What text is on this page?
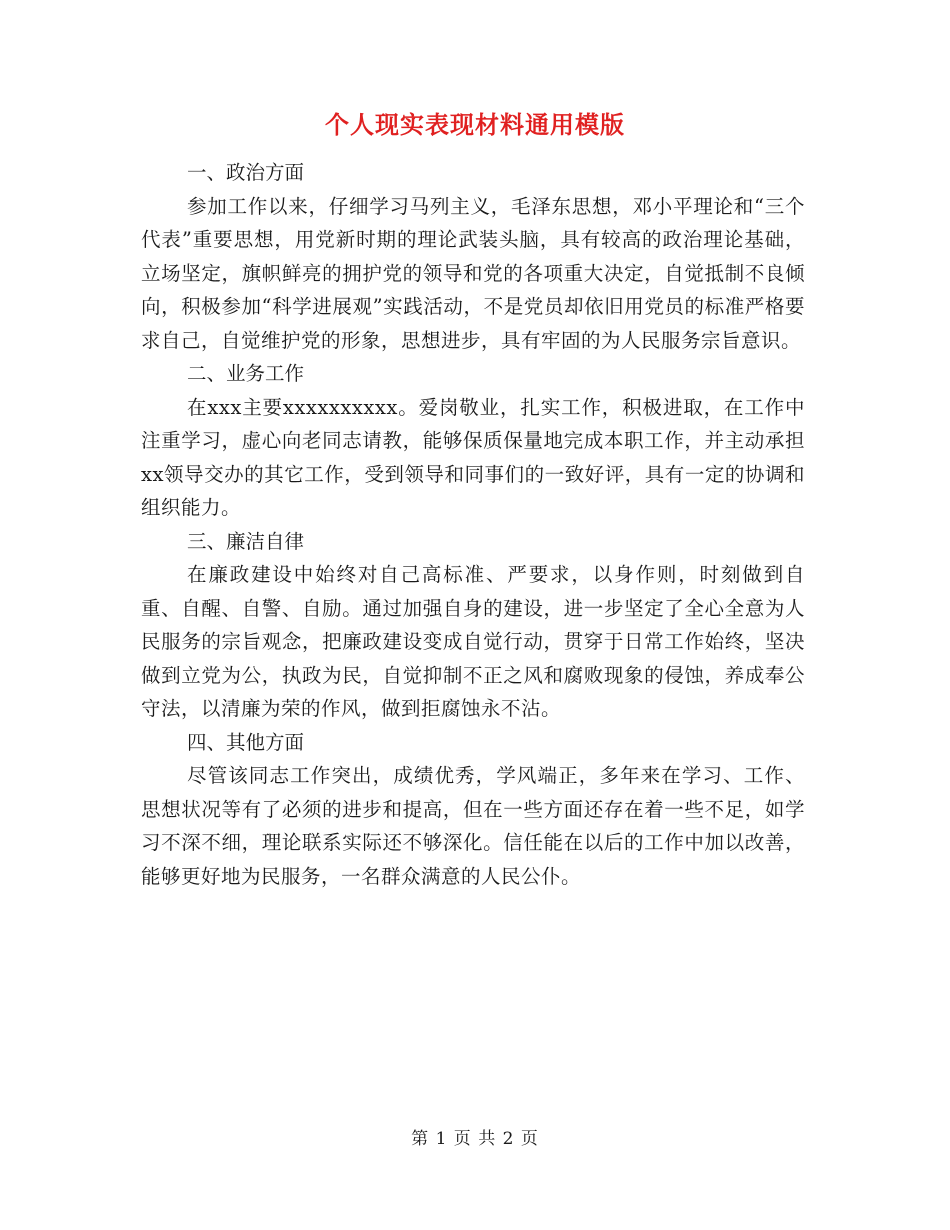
个人现实表现材料通用模版

一、政治方面

参加工作以来，仔细学习马列主义，毛泽东思想，邓小平理论和“三个代表”重要思想，用党新时期的理论武装头脑，具有较高的政治理论基础，立场坚定，旗帜鲜亮的拥护党的领导和党的各项重大决定，自觉抵制不良倾向，积极参加“科学进展观”实践活动，不是党员却依旧用党员的标准严格要求自己，自觉维护党的形象，思想进步，具有牢固的为人民服务宗旨意识。

二、业务工作

在xxx主要xxxxxxxxxx。爱岗敬业，扎实工作，积极进取，在工作中注重学习，虚心向老同志请教，能够保质保量地完成本职工作，并主动承担xx领导交办的其它工作，受到领导和同事们的一致好评，具有一定的协调和组织能力。

三、廉洁自律

在廉政建设中始终对自己高标准、严要求，以身作则，时刻做到自重、自醒、自警、自励。通过加强自身的建设，进一步坚定了全心全意为人民服务的宗旨观念，把廉政建设变成自觉行动，贯穿于日常工作始终，坚决做到立党为公，执政为民，自觉抑制不正之风和腐败现象的侵蚀，养成奉公守法，以清廉为荣的作风，做到拒腐蚀永不沾。

四、其他方面

尽管该同志工作突出，成绩优秀，学风端正，多年来在学习、工作、思想状况等有了必须的进步和提高，但在一些方面还存在着一些不足，如学习不深不细，理论联系实际还不够深化。信任能在以后的工作中加以改善，能够更好地为民服务，一名群众满意的人民公仆。

第 1 页 共 2 页
